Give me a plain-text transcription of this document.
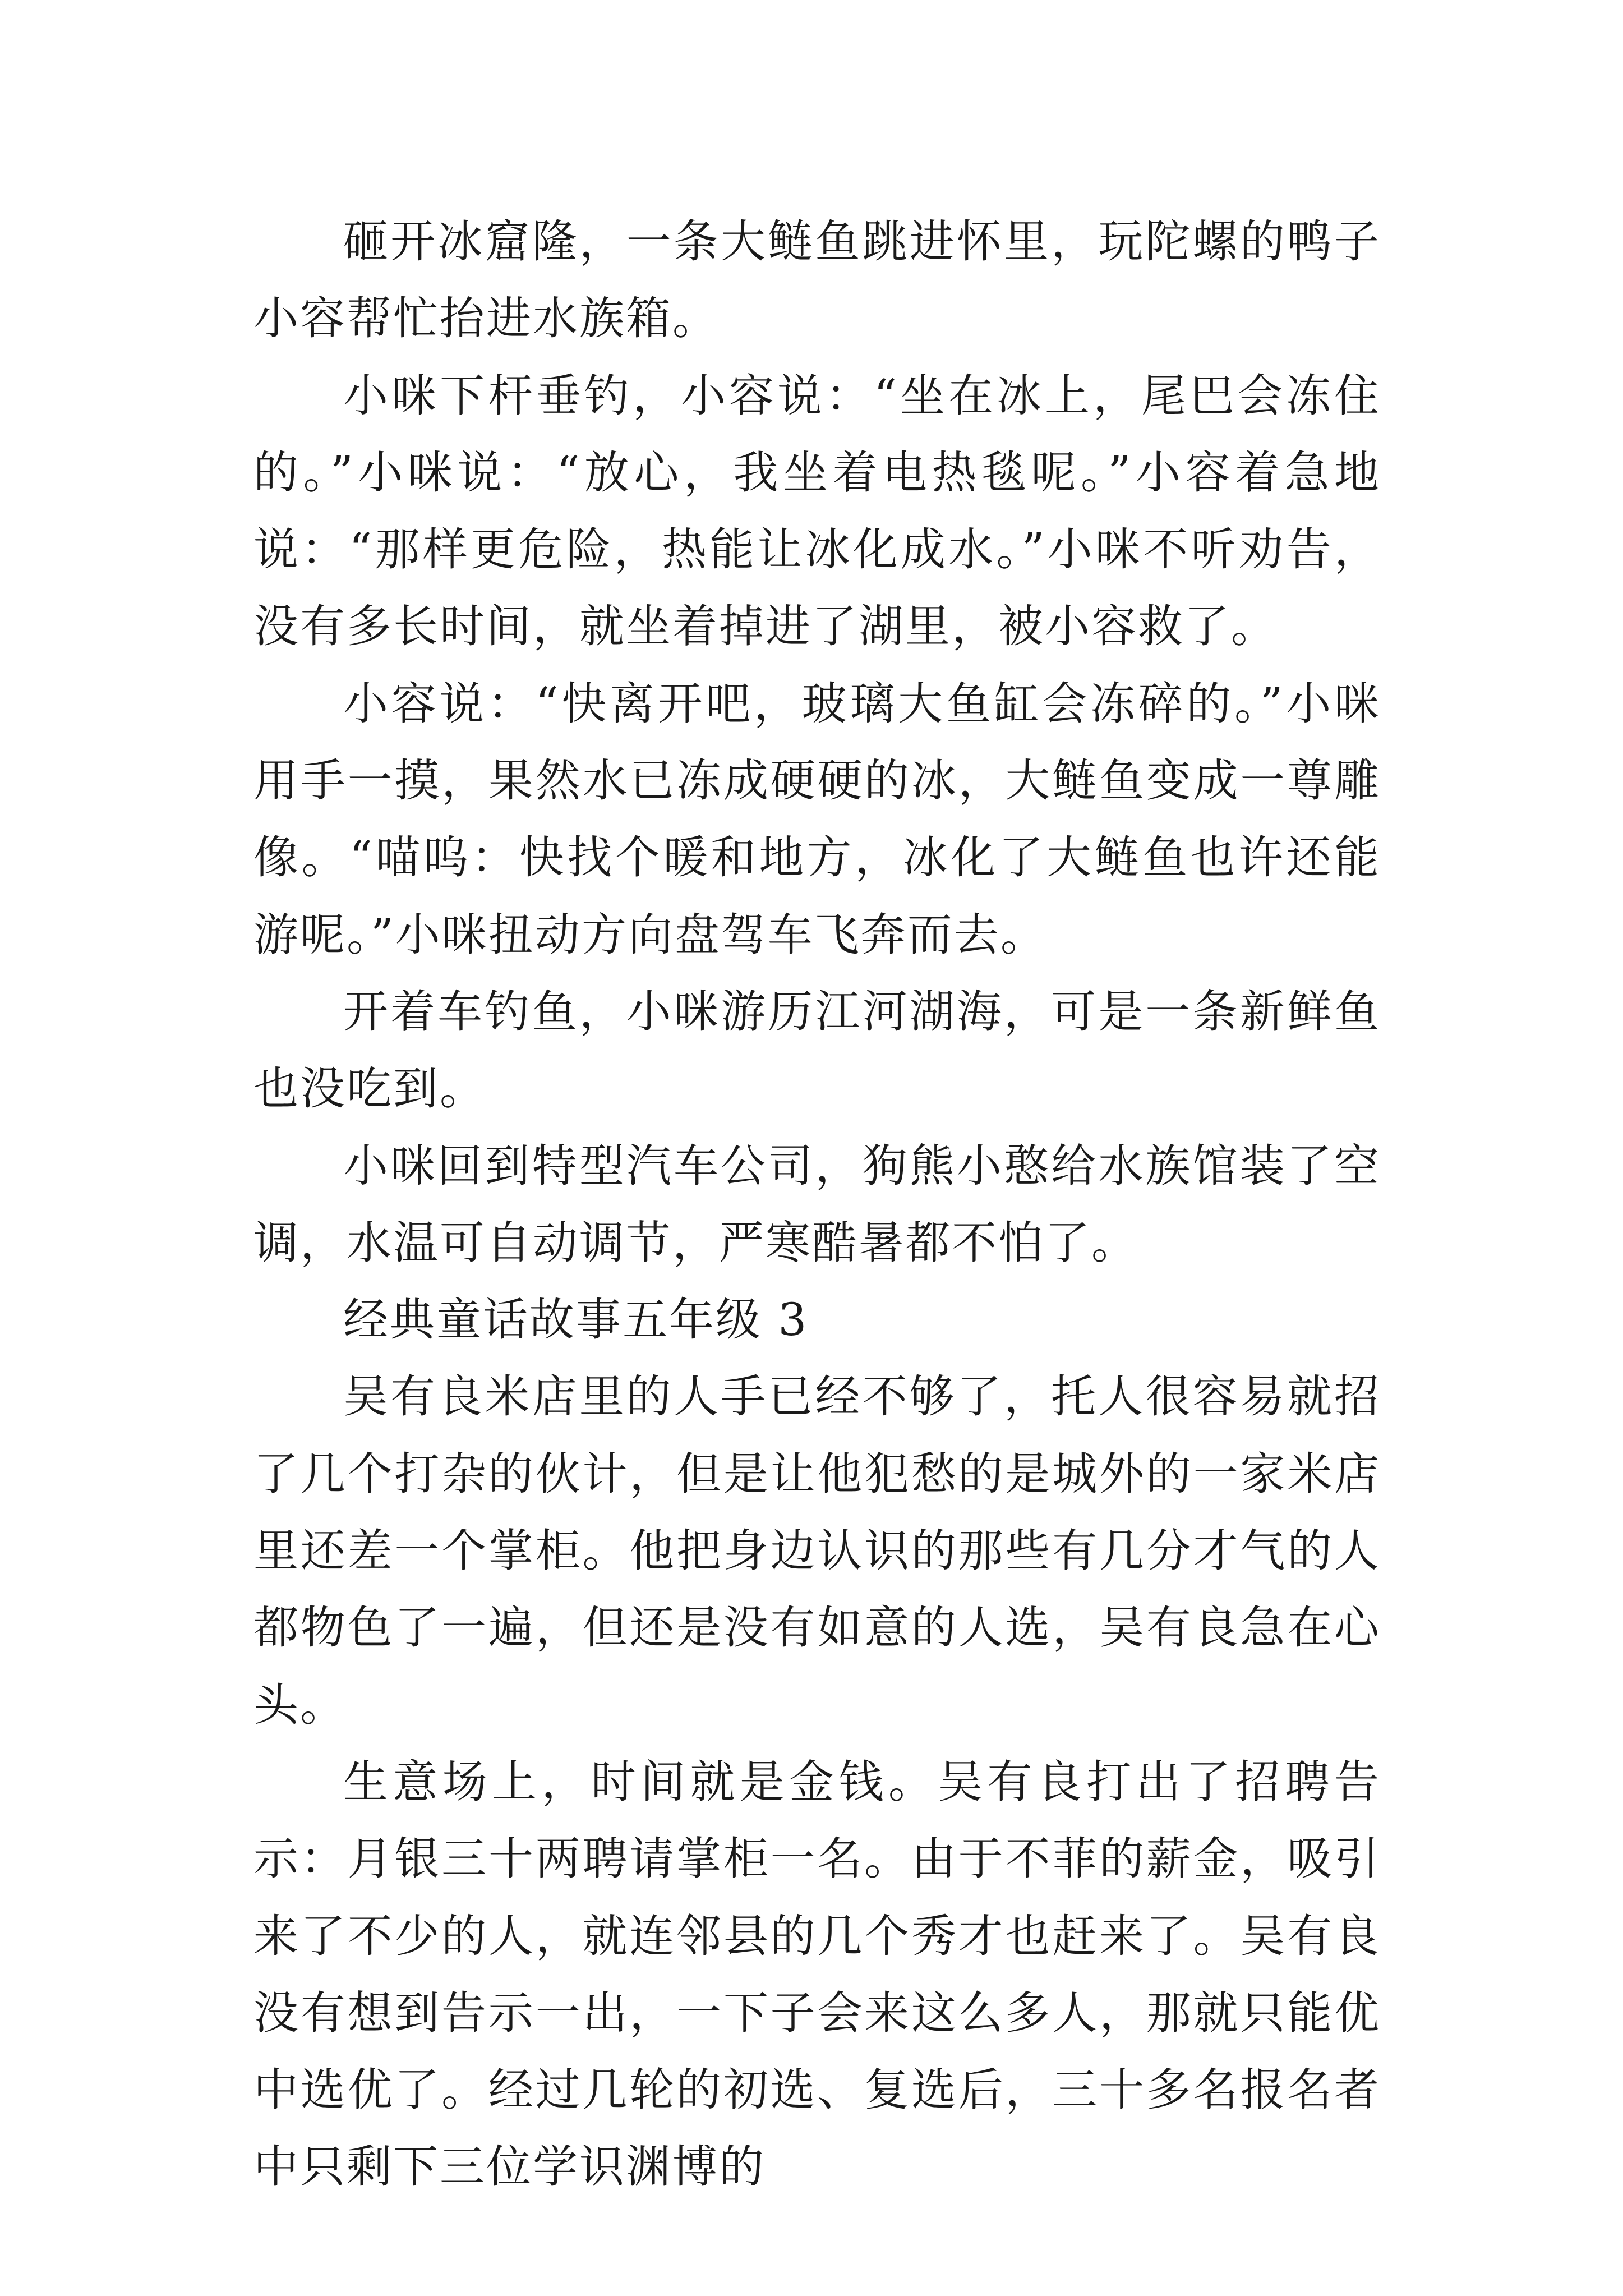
砸开冰窟隆，一条大鲢鱼跳进怀里，玩陀螺的鸭子小容帮忙抬进水族箱。

小咪下杆垂钓，小容说：“坐在冰上，尾巴会冻住的。”小咪说：“放心，我坐着电热毯呢。”小容着急地说：“那样更危险，热能让冰化成水。”小咪不听劝告，没有多长时间，就坐着掉进了湖里，被小容救了。

小容说：“快离开吧，玻璃大鱼缸会冻碎的。”小咪用手一摸，果然水已冻成硬硬的冰，大鲢鱼变成一尊雕像。“喵呜：快找个暖和地方，冰化了大鲢鱼也许还能游呢。”小咪扭动方向盘驾车飞奔而去。

开着车钓鱼，小咪游历江河湖海，可是一条新鲜鱼也没吃到。

小咪回到特型汽车公司，狗熊小憨给水族馆装了空调，水温可自动调节，严寒酷暑都不怕了。

经典童话故事五年级 3

吴有良米店里的人手已经不够了，托人很容易就招了几个打杂的伙计，但是让他犯愁的是城外的一家米店里还差一个掌柜。他把身边认识的那些有几分才气的人都物色了一遍，但还是没有如意的人选，吴有良急在心头。

生意场上，时间就是金钱。吴有良打出了招聘告示：月银三十两聘请掌柜一名。由于不菲的薪金，吸引来了不少的人，就连邻县的几个秀才也赶来了。吴有良没有想到告示一出，一下子会来这么多人，那就只能优中选优了。经过几轮的初选、复选后，三十多名报名者中只剩下三位学识渊博的
